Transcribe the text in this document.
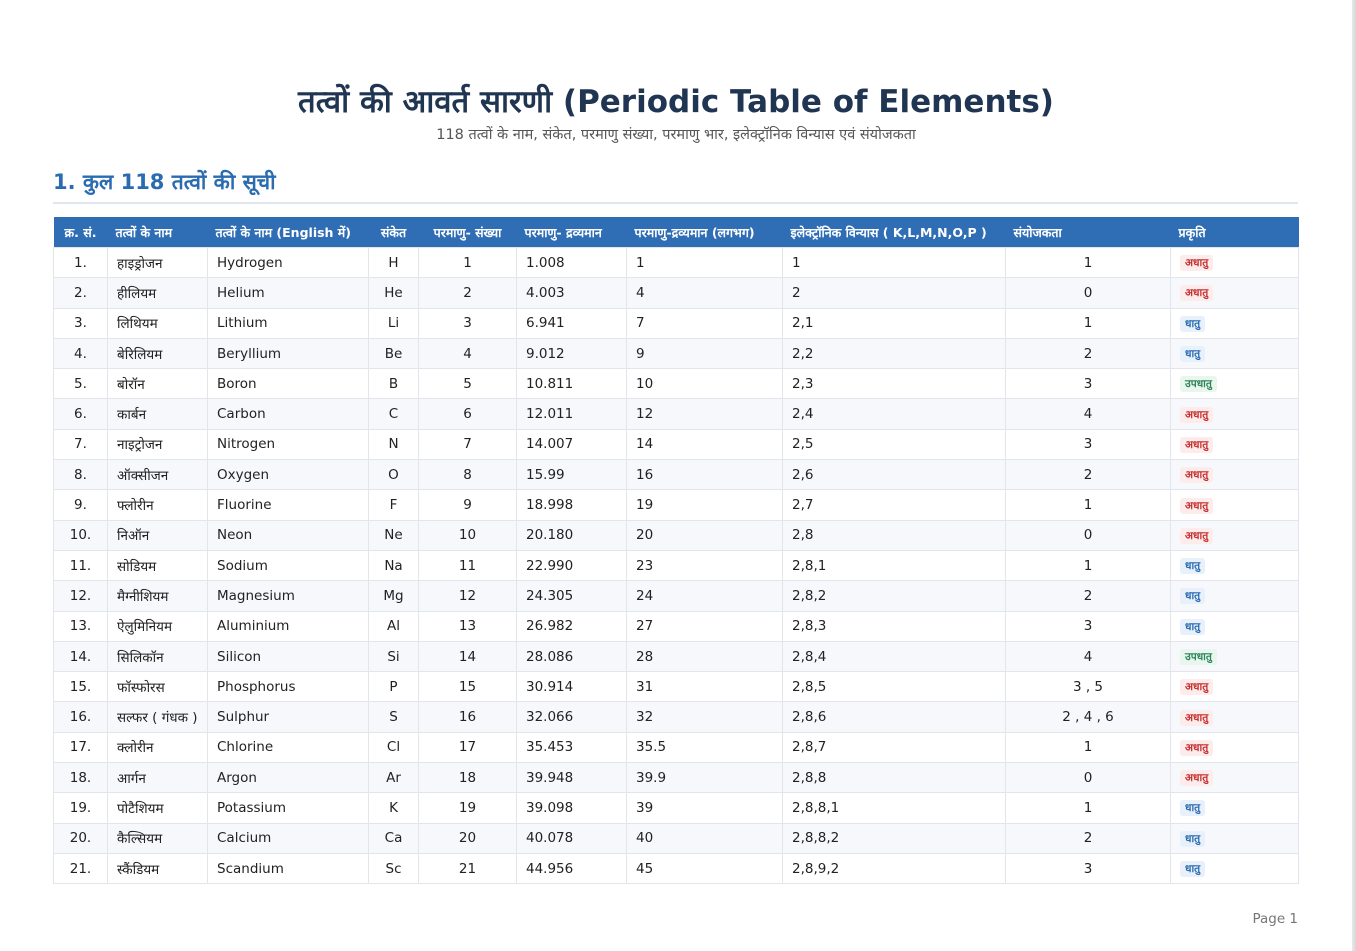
तत्वों की आवर्त सारणी (Periodic Table of Elements)
118 तत्वों के नाम, संकेत, परमाणु संख्या, परमाणु भार, इलेक्ट्रॉनिक विन्यास एवं संयोजकता
1. कुल 118 तत्वों की सूची
क्र. सं.	तत्वों के नाम	तत्वों के नाम (English में)	संकेत	परमाणु- संख्या	परमाणु- द्रव्यमान	परमाणु-द्रव्यमान (लगभग)	इलेक्ट्रॉनिक विन्यास ( K,L,M,N,O,P )	संयोजकता	प्रकृति
1.	हाइड्रोजन	Hydrogen	H	1	1.008	1	1	1	अधातु
2.	हीलियम	Helium	He	2	4.003	4	2	0	अधातु
3.	लिथियम	Lithium	Li	3	6.941	7	2,1	1	धातु
4.	बेरिलियम	Beryllium	Be	4	9.012	9	2,2	2	धातु
5.	बोरॉन	Boron	B	5	10.811	10	2,3	3	उपधातु
6.	कार्बन	Carbon	C	6	12.011	12	2,4	4	अधातु
7.	नाइट्रोजन	Nitrogen	N	7	14.007	14	2,5	3	अधातु
8.	ऑक्सीजन	Oxygen	O	8	15.99	16	2,6	2	अधातु
9.	फ्लोरीन	Fluorine	F	9	18.998	19	2,7	1	अधातु
10.	निऑन	Neon	Ne	10	20.180	20	2,8	0	अधातु
11.	सोडियम	Sodium	Na	11	22.990	23	2,8,1	1	धातु
12.	मैग्नीशियम	Magnesium	Mg	12	24.305	24	2,8,2	2	धातु
13.	ऐलुमिनियम	Aluminium	Al	13	26.982	27	2,8,3	3	धातु
14.	सिलिकॉन	Silicon	Si	14	28.086	28	2,8,4	4	उपधातु
15.	फॉस्फोरस	Phosphorus	P	15	30.914	31	2,8,5	3 , 5	अधातु
16.	सल्फर ( गंधक )	Sulphur	S	16	32.066	32	2,8,6	2 , 4 , 6	अधातु
17.	क्लोरीन	Chlorine	Cl	17	35.453	35.5	2,8,7	1	अधातु
18.	आर्गन	Argon	Ar	18	39.948	39.9	2,8,8	0	अधातु
19.	पोटैशियम	Potassium	K	19	39.098	39	2,8,8,1	1	धातु
20.	कैल्सियम	Calcium	Ca	20	40.078	40	2,8,8,2	2	धातु
21.	स्कैंडियम	Scandium	Sc	21	44.956	45	2,8,9,2	3	धातु
Page 1
